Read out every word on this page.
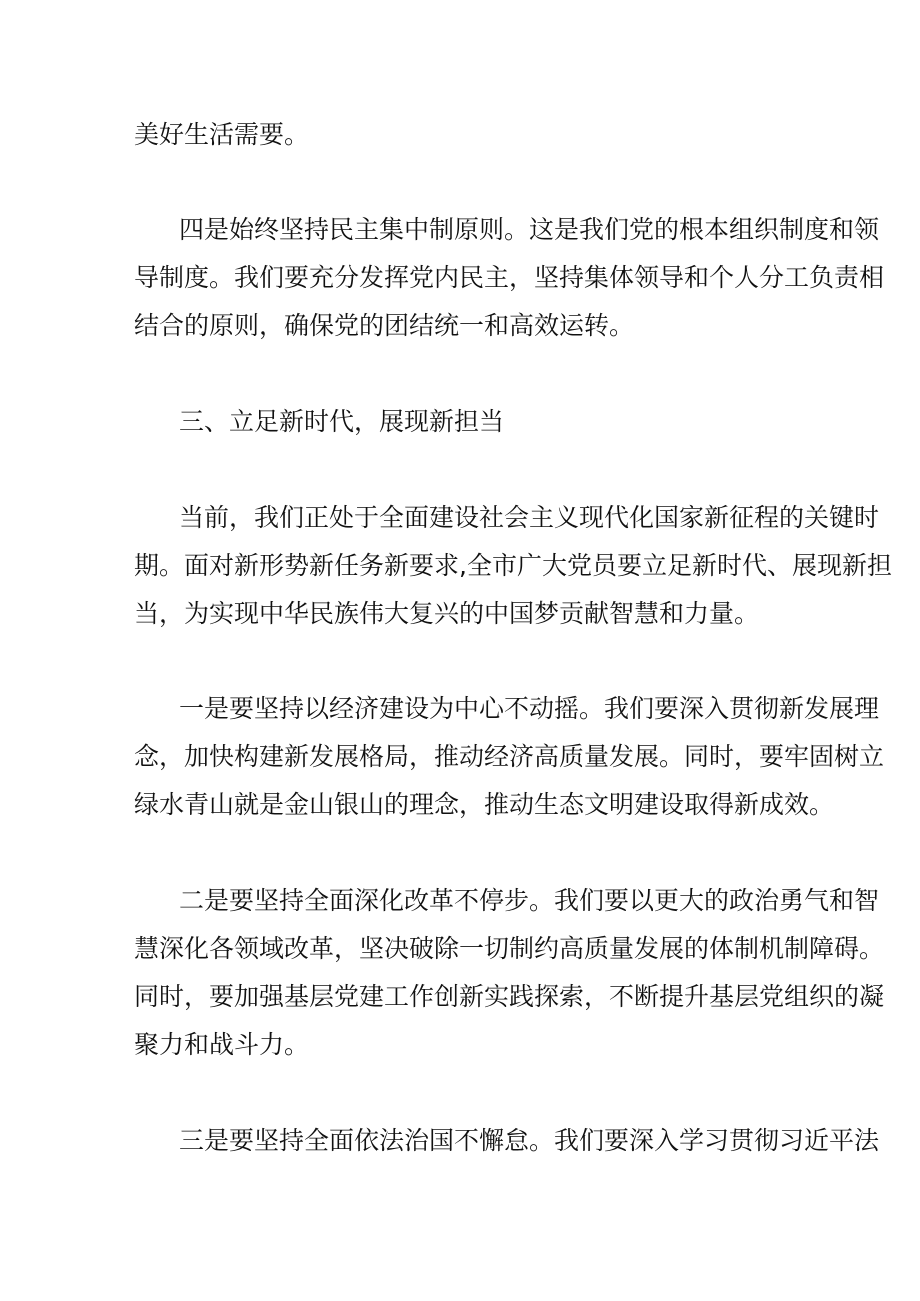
美好生活需要。
四是始终坚持民主集中制原则。这是我们党的根本组织制度和领
导制度。我们要充分发挥党内民主，坚持集体领导和个人分工负责相
结合的原则，确保党的团结统一和高效运转。
三、立足新时代，展现新担当
当前，我们正处于全面建设社会主义现代化国家新征程的关键时
期。面对新形势新任务新要求,全市广大党员要立足新时代、展现新担
当，为实现中华民族伟大复兴的中国梦贡献智慧和力量。
一是要坚持以经济建设为中心不动摇。我们要深入贯彻新发展理
念，加快构建新发展格局，推动经济高质量发展。同时，要牢固树立
绿水青山就是金山银山的理念，推动生态文明建设取得新成效。
二是要坚持全面深化改革不停步。我们要以更大的政治勇气和智
慧深化各领域改革，坚决破除一切制约高质量发展的体制机制障碍。
同时，要加强基层党建工作创新实践探索，不断提升基层党组织的凝
聚力和战斗力。
三是要坚持全面依法治国不懈怠。我们要深入学习贯彻习近平法
